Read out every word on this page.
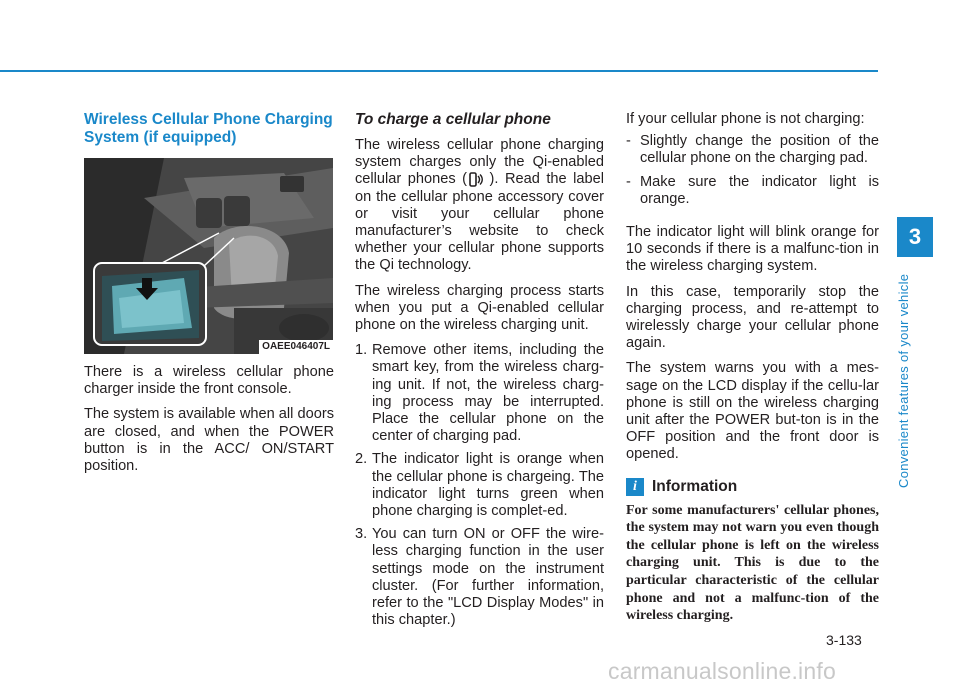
Wireless Cellular Phone Charging System (if equipped)
OAEE046407L

There is a wireless cellular phone charger inside the front console.

The system is available when all doors are closed, and when the POWER button is in the ACC/ ON/START position.

To charge a cellular phone

The wireless cellular phone charging system charges only the Qi-enabled cellular phones ( ). Read the label on the cellular phone accessory cover or visit your cellular phone manufacturer’s website to check whether your cellular phone supports the Qi technology.

The wireless charging process starts when you put a Qi-enabled cellular phone on the wireless charging unit.

1. Remove other items, including the smart key, from the wireless charg-ing unit. If not, the wireless charg-ing process may be interrupted. Place the cellular phone on the center of charging pad.
2. The indicator light is orange when the cellular phone is chargeing. The indicator light turns green when phone charging is complet-ed.
3. You can turn ON or OFF the wire-less charging function in the user settings mode on the instrument cluster. (For further information, refer to the "LCD Display Modes" in this chapter.)

If your cellular phone is not charging:

- Slightly change the position of the cellular phone on the charging pad.
- Make sure the indicator light is orange.

The indicator light will blink orange for 10 seconds if there is a malfunc-tion in the wireless charging system.

In this case, temporarily stop the charging process, and re-attempt to wirelessly charge your cellular phone again.

The system warns you with a mes-sage on the LCD display if the cellu-lar phone is still on the wireless charging unit after the POWER but-ton is in the OFF position and the front door is opened.

i Information
For some manufacturers' cellular phones, the system may not warn you even though the cellular phone is left on the wireless charging unit. This is due to the particular characteristic of the cellular phone and not a malfunc-tion of the wireless charging.
3
Convenient features of your vehicle
3-133
carmanualsonline.info
